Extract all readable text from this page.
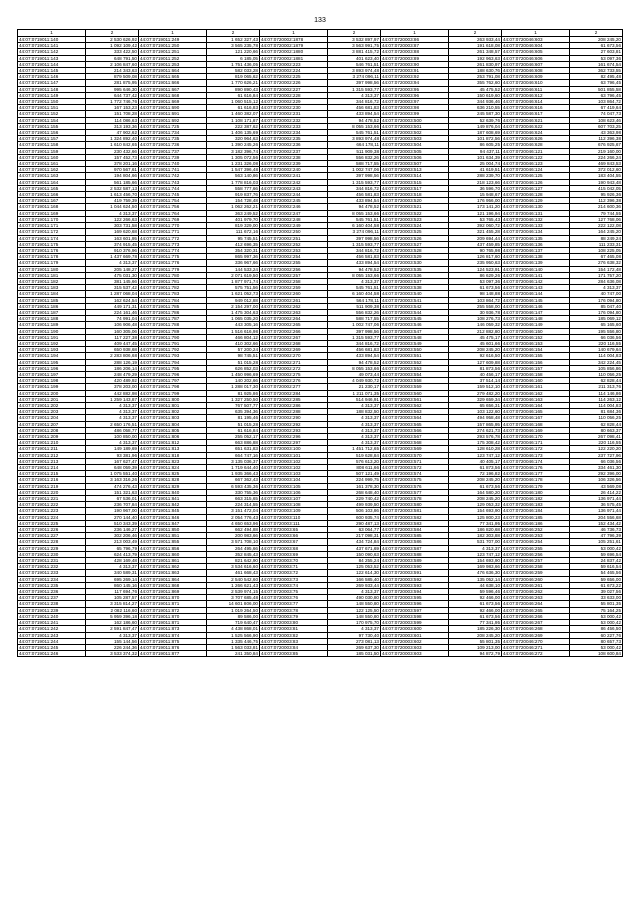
133
1	2	1	2	1	2	1	2	1	2
44:07:0719011:140	2 530 626,92	44:07:0719011:249	1 652 327,43	44:07:0720002:1878	3 532 897,97	44:07:0720003:86	263 933,44	44:07:0720046:603	208 245,20
44:07:0719011:141	1 092 109,42	44:07:0719011:250	3 565 235,78	44:07:0720002:1879	3 563 991,75	44:07:0720003:87	191 618,08	44:07:0720046:604	61 673,56
44:07:0719011:142	333 422,50	44:07:0719011:251	121 220,66	44:07:0720002:1880	3 881 415,72	44:07:0720003:88	261 348,57	44:07:0720046:605	27 603,81
44:07:0719011:143	648 791,50	44:07:0719011:252	6 185,05	44:07:0720002:1881	401 623,40	44:07:0720003:89	192 963,63	44:07:0720046:606	53 097,36
44:07:0719011:144	2 106 847,60	44:07:0719011:253	1 751 436,05	44:07:0720002:223	546 761,51	44:07:0720003:90	261 830,97	44:07:0720046:607	161 674,54
44:07:0719011:145	214 343,63	44:07:0719011:664	582 033,28	44:07:0720002:224	3 893 974,48	44:07:0720003:91	188 630,76	44:07:0720046:608	362 733,55
44:07:0719011:146	879 509,08	44:07:0719011:665	819 065,62	44:07:0720002:225	3 274 096,11	44:07:0720003:92	253 791,08	44:07:0720046:609	82 495,48
44:07:0719011:147	281 875,95	44:07:0719011:666	1 770 626,21	44:07:0720002:226	397 998,56	44:07:0720003:94	355 762,60	44:07:0720046:610	63 796,45
44:07:0719011:148	995 646,30	44:07:0719011:667	890 890,43	44:07:0720002:227	1 315 593,77	44:07:0720003:95	45 475,52	44:07:0720046:611	501 855,58
44:07:0719011:149	644 737,42	44:07:0719011:668	61 616,84	44:07:0720002:228	4 313,37	44:07:0720003:96	150 619,60	44:07:0720046:612	63 796,45
44:07:0719011:150	1 772 746,76	44:07:0719011:669	1 060 515,12	44:07:0720002:229	344 816,72	44:07:0720003:97	344 936,46	44:07:0720046:614	103 864,72
44:07:0719011:151	167 153,23	44:07:0719011:690	61 616,83	44:07:0720002:230	456 681,83	44:07:0720003:98	636 210,55	44:07:0720046:616	67 419,64
44:07:0719011:152	151 708,28	44:07:0719011:691	1 460 382,07	44:07:0720002:231	433 894,54	44:07:0720003:99	245 587,30	44:07:0720046:617	74 047,73
44:07:0719011:154	114 086,63	44:07:0719011:692	1 108 171,87	44:07:0720002:232	94 478,52	44:07:0720003:500	52 639,76	44:07:0720046:621	108 623,46
44:07:0719011:155	313 193,36	44:07:0719011:725	222 387,62	44:07:0720002:233	8 055 153,66	44:07:0720003:501	149 876,04	44:07:0720046:622	607 703,25
44:07:0719011:156	47 902,62	44:07:0719011:734	1 406 135,69	44:07:0720002:234	545 761,51	44:07:0720003:502	187 608,69	44:07:0720046:624	43 363,98
44:07:0719011:157	1 324 892,40	44:07:0719011:735	320 964,63	44:07:0720002:235	3 893 974,48	44:07:0720003:503	101 872,56	44:07:0720046:626	112 396,38
44:07:0719011:158	1 610 842,65	44:07:0719011:736	1 390 245,26	44:07:0720002:236	664 178,11	44:07:0720003:504	86 605,25	44:07:0720046:628	676 925,67
44:07:0719011:159	230 432,66	44:07:0719011:737	3 182 396,74	44:07:0720002:237	511 909,38	44:07:0720003:505	94 437,11	44:07:0720046:121	219 160,00
44:07:0719011:160	157 452,73	44:07:0719011:739	1 305 072,56	44:07:0720002:238	556 832,26	44:07:0720003:506	101 634,39	44:07:0720046:122	224 266,24
44:07:0719011:161	378 201,16	44:07:0719011:740	1 231 326,08	44:07:0720002:239	588 717,55	44:07:0720003:507	25 004,74	44:07:0720046:123	469 843,53
44:07:0719011:162	970 567,61	44:07:0719011:741	1 547 396,48	44:07:0720002:240	1 002 747,06	44:07:0720003:513	41 619,51	44:07:0720046:124	372 012,60
44:07:0719011:163	194 804,66	44:07:0719011:742	563 140,86	44:07:0720002:241	397 998,56	44:07:0720003:514	288 239,70	44:07:0720046:125	183 404,55
44:07:0719011:164	561 185,66	44:07:0719011:743	1 778 816,03	44:07:0720002:242	1 315 593,77	44:07:0720003:515	218 123,66	44:07:0720046:126	190 943,48
44:07:0719011:165	2 532 587,13	44:07:0719011:744	558 777,66	44:07:0720002:243	344 816,72	44:07:0720003:517	36 596,70	44:07:0720046:127	415 042,05
44:07:0719011:166	1 613 456,70	44:07:0719011:745	919 837,76	44:07:0720002:244	456 581,83	44:07:0720003:518	15 948,67	44:07:0720046:128	95 926,36
44:07:0719011:167	419 759,39	44:07:0719011:754	154 728,48	44:07:0720002:245	433 894,54	44:07:0720003:520	176 956,00	44:07:0720046:129	112 396,38
44:07:0719011:168	1 044 624,50	44:07:0719011:756	1 062 262,21	44:07:0720002:246	94 478,52	44:07:0720003:521	173 141,20	44:07:0720046:130	214 600,36
44:07:0719011:169	4 313,37	44:07:0719011:764	363 249,52	44:07:0720002:247	8 055 153,66	44:07:0720003:522	121 196,94	44:07:0720046:131	79 744,55
44:07:0719011:170	122 266,63	44:07:0719011:769	401 979,70	44:07:0720002:248	545 761,51	44:07:0720003:523	53 765,43	44:07:0720046:132	127 768,06
44:07:0719011:171	303 731,58	44:07:0719011:770	819 329,00	44:07:0720002:249	6 160 404,58	44:07:0720003:524	392 060,72	44:07:0720046:133	222 122,08
44:07:0719011:172	169 620,68	44:07:0719011:771	111 672,16	44:07:0720002:250	3 274 096,11	44:07:0720003:525	321 455,28	44:07:0720046:134	164 245,20
44:07:0719011:174	163 601,95	44:07:0719011:772	95 745,51	44:07:0720002:251	397 998,56	44:07:0720003:526	209 694,44	44:07:0720046:135	88 249,24
44:07:0719011:175	374 915,45	44:07:0719011:773	412 696,35	44:07:0720002:252	1 315 593,77	44:07:0720003:527	437 459,85	44:07:0720046:136	111 233,31
44:07:0719011:176	910 376,96	44:07:0719011:774	354 320,31	44:07:0720002:253	344 816,72	44:07:0720003:528	90 765,98	44:07:0720046:137	108 225,05
44:07:0719011:178	1 437 669,78	44:07:0719011:775	865 997,36	44:07:0720002:254	456 581,83	44:07:0720003:529	126 817,60	44:07:0720046:138	67 465,08
44:07:0719011:179	4 313,37	44:07:0719011:776	336 967,66	44:07:0720002:255	433 894,54	44:07:0720003:530	235 950,63	44:07:0720046:139	276 638,32
44:07:0719011:180	205 148,27	44:07:0719011:779	144 533,24	44:07:0720002:256	94 478,52	44:07:0720003:535	124 523,91	44:07:0720046:140	154 172,48
44:07:0719011:181	475 031,30	44:07:0719011:780	2 071 619,50	44:07:0720002:257	8 055 153,66	44:07:0720003:536	86 629,26	44:07:0720046:141	171 757,20
44:07:0719011:182	381 145,66	44:07:0719011:781	1 877 971,74	44:07:0720002:258	4 313,37	44:07:0720003:537	53 097,36	44:07:0720046:142	284 636,08
44:07:0719011:183	315 537,42	44:07:0719011:782	575 751,56	44:07:0720002:259	545 761,51	44:07:0720003:538	61 673,56	44:07:0720046:143	4 313,37
44:07:0719011:184	1 287 068,04	44:07:0719011:783	1 621 052,73	44:07:0720002:260	6 160 404,58	44:07:0720003:540	98 148,88	44:07:0720046:144	40 747,00
44:07:0719011:185	162 624,54	44:07:0719011:784	949 012,88	44:07:0720002:261	564 178,11	44:07:0720003:541	103 864,72	44:07:0720046:145	176 094,80
44:07:0719011:186	449 171,31	44:07:0719011:785	2 154 297,00	44:07:0720002:262	511 909,38	44:07:0720003:542	255 558,00	44:07:0720046:146	85 047,40
44:07:0719011:187	224 161,46	44:07:0719011:786	1 475 304,63	44:07:0720002:263	556 832,26	44:07:0720003:544	30 936,78	44:07:0720046:147	176 094,80
44:07:0719011:188	74 991,04	44:07:0719011:787	1 065 035,20	44:07:0720002:264	588 717,55	44:07:0720003:545	108 276,73	44:07:0720046:148	185 069,12
44:07:0719011:189	106 906,48	44:07:0719011:788	443 305,16	44:07:0720002:265	1 002 747,06	44:07:0720003:546	146 059,32	44:07:0720046:149	65 165,60
44:07:0719011:190	160 305,06	44:07:0719011:789	1 516 616,98	44:07:0720002:266	397 998,56	44:07:0720003:547	212 882,80	44:07:0720046:150	195 556,80
44:07:0719011:191	117 227,38	44:07:0719011:790	466 804,12	44:07:0720002:267	1 315 593,77	44:07:0720003:548	45 475,17	44:07:0720046:152	66 036,56
44:07:0719011:192	409 447,45	44:07:0719011:791	410 302,66	44:07:0720002:268	344 816,72	44:07:0720003:549	45 601,66	44:07:0720046:153	220 116,55
44:07:0719011:193	650 938,68	44:07:0719011:792	57 200,24	44:07:0720002:269	456 681,83	44:07:0720003:550	208 245,20	44:07:0720046:154	140 679,64
44:07:0719011:194	2 283 806,68	44:07:0719011:793	98 745,51	44:07:0720002:270	433 894,54	44:07:0720003:551	92 616,50	44:07:0720046:155	114 004,83
44:07:0719011:195	288 126,19	44:07:0719011:794	51 015,28	44:07:0720002:271	94 478,52	44:07:0720003:552	127 609,88	44:07:0720046:156	342 224,45
44:07:0719011:196	186 206,14	44:07:0719011:795	626 852,03	44:07:0720002:272	8 055 153,66	44:07:0720003:553	81 873,56	44:07:0720046:157	105 856,86
44:07:0719011:197	248 479,29	44:07:0719011:796	1 450 996,69	44:07:0720002:275	49 073,44	44:07:0720003:554	40 456,17	44:07:0720046:158	110 056,25
44:07:0719011:198	420 489,92	44:07:0719011:797	140 202,66	44:07:0720002:276	4 049 930,72	44:07:0720003:558	37 514,14	44:07:0720046:160	62 828,44
44:07:0719011:199	378 203,00	44:07:0719011:798	1 288 017,30	44:07:0720002:277	21 230,17	44:07:0720003:559	159 512,10	44:07:0720046:161	211 313,76
44:07:0719011:200	442 882,98	44:07:0719011:799	81 925,86	44:07:0720002:284	1 211 071,35	44:07:0720003:560	279 482,20	44:07:0720046:162	114 146,86
44:07:0719011:201	1 259 143,87	44:07:0719011:800	1 327 250,50	44:07:0720002:285	514 946,91	44:07:0720003:561	329 659,34	44:07:0720046:163	114 263,12
44:07:0719011:202	4 313,37	44:07:0719011:801	767 507,77	44:07:0720002:286	4 313,37	44:07:0720003:562	65 656,31	44:07:0720046:164	114 004,83
44:07:0719011:203	4 313,37	44:07:0719011:802	635 394,36	44:07:0720002:288	188 832,50	44:07:0720003:563	103 122,60	44:07:0720046:165	81 684,36
44:07:0719011:204	4 313,37	44:07:0719011:803	81 195,46	44:07:0720002:290	4 313,37	44:07:0720003:564	494 958,48	44:07:0720046:167	110 056,25
44:07:0719011:207	2 650 176,51	44:07:0719011:804	51 015,28	44:07:0720002:292	4 313,37	44:07:0720003:565	157 865,95	44:07:0720046:168	62 828,44
44:07:0719011:208	486 058,77	44:07:0719011:805	61 616,84	44:07:0720002:293	4 313,37	44:07:0720003:566	274 621,73	44:07:0720046:169	80 663,37
44:07:0719011:209	100 850,00	44:07:0719011:806	255 052,17	44:07:0720002:296	4 313,37	44:07:0720003:567	293 576,78	44:07:0720046:170	267 098,41
44:07:0719011:210	4 313,37	44:07:0719011:812	663 886,88	44:07:0720002:297	4 313,37	44:07:0720003:568	175 308,42	44:07:0720046:171	220 116,55
44:07:0719011:211	149 189,69	44:07:0719011:813	651 631,83	44:07:0720003:100	1 451 712,65	44:07:0720003:569	128 610,28	44:07:0720046:172	122 220,20
44:07:0719011:212	93 381,96	44:07:0719011:818	664 747,16	44:07:0720003:101	519 628,84	44:07:0720003:570	123 747,12	44:07:0720046:173	237 727,96
44:07:0719011:213	167 627,47	44:07:0719011:823	3 135 036,37	44:07:0720003:102	576 613,20	44:07:0720003:571	40 405,17	44:07:0720046:174	66 036,56
44:07:0719011:214	648 059,39	44:07:0719011:824	1 719 644,40	44:07:0720003:102	808 611,66	44:07:0720003:572	61 873,56	44:07:0720046:176	334 461,30
44:07:0719011:215	1 075 551,40	44:07:0719011:825	1 935 366,43	44:07:0720003:103	507 121,49	44:07:0720003:574	72 196,82	44:07:0720046:177	292 396,00
44:07:0719011:216	3 163 316,26	44:07:0719011:828	667 362,43	44:07:0720003:104	224 999,75	44:07:0720003:575	208 245,20	44:07:0720046:178	106 326,56
44:07:0719011:219	474 276,43	44:07:0719011:829	6 593 435,36	44:07:0720003:105	161 378,30	44:07:0720003:576	61 673,56	44:07:0720046:179	43 569,08
44:07:0719011:220	151 321,63	44:07:0719011:840	330 755,36	44:07:0720003:106	268 648,40	44:07:0720003:577	164 580,20	44:07:0720046:180	26 414,22
44:07:0719011:221	67 536,01	44:07:0719011:841	663 315,65	44:07:0720003:107	229 740,42	44:07:0720003:578	208 245,20	44:07:0720046:182	136 971,44
44:07:0719011:222	236 707,84	44:07:0719011:842	224 314,55	44:07:0720003:108	499 939,50	44:07:0720003:580	129 053,32	44:07:0720046:183	36 575,45
44:07:0719011:223	190 967,00	44:07:0719011:845	3 151 472,04	44:07:0720003:109	506 103,86	44:07:0720003:581	154 693,90	44:07:0720046:184	136 971,44
44:07:0719011:224	270 144,40	44:07:0719011:846	2 054 776,43	44:07:0720003:110	600 935,74	44:07:0720003:582	125 800,23	44:07:0720046:185	204 556,68
44:07:0719011:225	510 343,39	44:07:0719011:847	4 650 653,96	44:07:0720003:111	290 487,13	44:07:0720003:583	77 341,95	44:07:0720046:186	152 434,42
44:07:0719011:226	236 146,27	44:07:0719011:850	662 494,88	44:07:0720003:65	63 064,77	44:07:0720003:584	186 820,68	44:07:0720046:252	46 736,73
44:07:0719011:227	302 206,46	44:07:0719011:851	200 983,66	44:07:0720003:66	217 098,31	44:07:0720003:585	182 303,88	44:07:0720046:253	47 796,39
44:07:0719011:228	213 003,49	44:07:0719011:855	3 571 708,10	44:07:0720003:67	434 724,84	44:07:0720003:586	531 707,00	44:07:0720046:254	105 251,61
44:07:0719011:229	65 796,79	44:07:0719011:856	264 495,66	44:07:0720003:68	437 671,69	44:07:0720003:587	4 313,37	44:07:0720046:255	53 000,42
44:07:0719011:230	624 413,79	44:07:0719011:860	352 845,43	44:07:0720003:69	150 090,63	44:07:0720003:588	123 747,12	44:07:0720046:256	59 696,54
44:07:0719011:231	428 169,48	44:07:0719011:861	821 642,90	44:07:0720003:70	84 255,24	44:07:0720003:589	154 693,90	44:07:0720046:257	24 837,42
44:07:0719011:232	4 313,37	44:07:0719011:862	3 534 616,60	44:07:0720003:71	125 053,52	44:07:0720003:590	169 983,66	44:07:0720046:258	59 616,54
44:07:0719011:233	340 589,31	44:07:0719011:863	461 668,43	44:07:0720003:72	122 614,30	44:07:0720003:591	476 636,30	44:07:0720046:259	54 465,56
44:07:0719011:234	695 269,14	44:07:0719011:864	2 540 542,60	44:07:0720003:73	166 585,40	44:07:0720003:592	135 052,14	44:07:0720046:260	59 656,00
44:07:0719011:235	860 145,16	44:07:0719011:868	1 266 621,43	44:07:0720003:74	269 933,44	44:07:0720003:593	44 638,10	44:07:0720046:261	61 673,22
44:07:0719011:236	117 694,76	44:07:0719011:869	2 539 974,15	44:07:0720003:75	4 313,37	44:07:0720003:594	59 596,46	44:07:0720046:262	39 027,56
44:07:0719011:237	105 287,57	44:07:0719011:870	3 707 685,48	44:07:0720003:76	490 030,80	44:07:0720003:595	92 466,00	44:07:0720046:263	33 633,00
44:07:0719011:238	3 315 814,27	44:07:0719011:871	14 601 806,00	44:07:0720003:77	148 550,80	44:07:0720003:596	61 673,56	44:07:0720046:264	55 801,35
44:07:0719011:239	2 082 116,60	44:07:0719011:872	1 019 264,50	44:07:0720003:78	122 125,50	44:07:0720003:597	92 466,00	44:07:0720046:265	75 164,25
44:07:0719011:240	5 959 396,18	44:07:0719011:870	89 586,00	44:07:0720003:79	148 550,80	44:07:0720003:598	61 673,56	44:07:0720046:266	53 000,42
44:07:0719011:241	162 186,60	44:07:0719011:871	719 640,47	44:07:0720003:80	170 975,70	44:07:0720003:599	77 341,95	44:07:0720046:267	53 000,42
44:07:0719011:242	2 591 847,47	44:07:0719011:873	4 438 868,01	44:07:0720003:81	4 313,37	44:07:0720003:600	185 226,30	44:07:0720046:268	86 456,50
44:07:0719011:243	4 313,37	44:07:0719011:874	1 525 566,90	44:07:0720003:82	97 730,40	44:07:0720003:601	208 245,20	44:07:0720046:269	60 227,76
44:07:0719011:244	155 144,56	44:07:0719011:875	1 335 446,75	44:07:0720003:83	273 081,13	44:07:0720003:602	55 801,35	44:07:0720046:270	80 657,73
44:07:0719011:245	226 244,36	44:07:0719011:876	1 563 033,81	44:07:0720003:84	269 637,30	44:07:0720003:603	109 213,00	44:07:0720046:271	53 000,42
44:07:0719011:246	3 533 374,32	44:07:0719011:877	241 350,84	44:07:0720003:85	185 031,50	44:07:0720003:603	94 872,79	44:07:0720046:272	108 600,84
